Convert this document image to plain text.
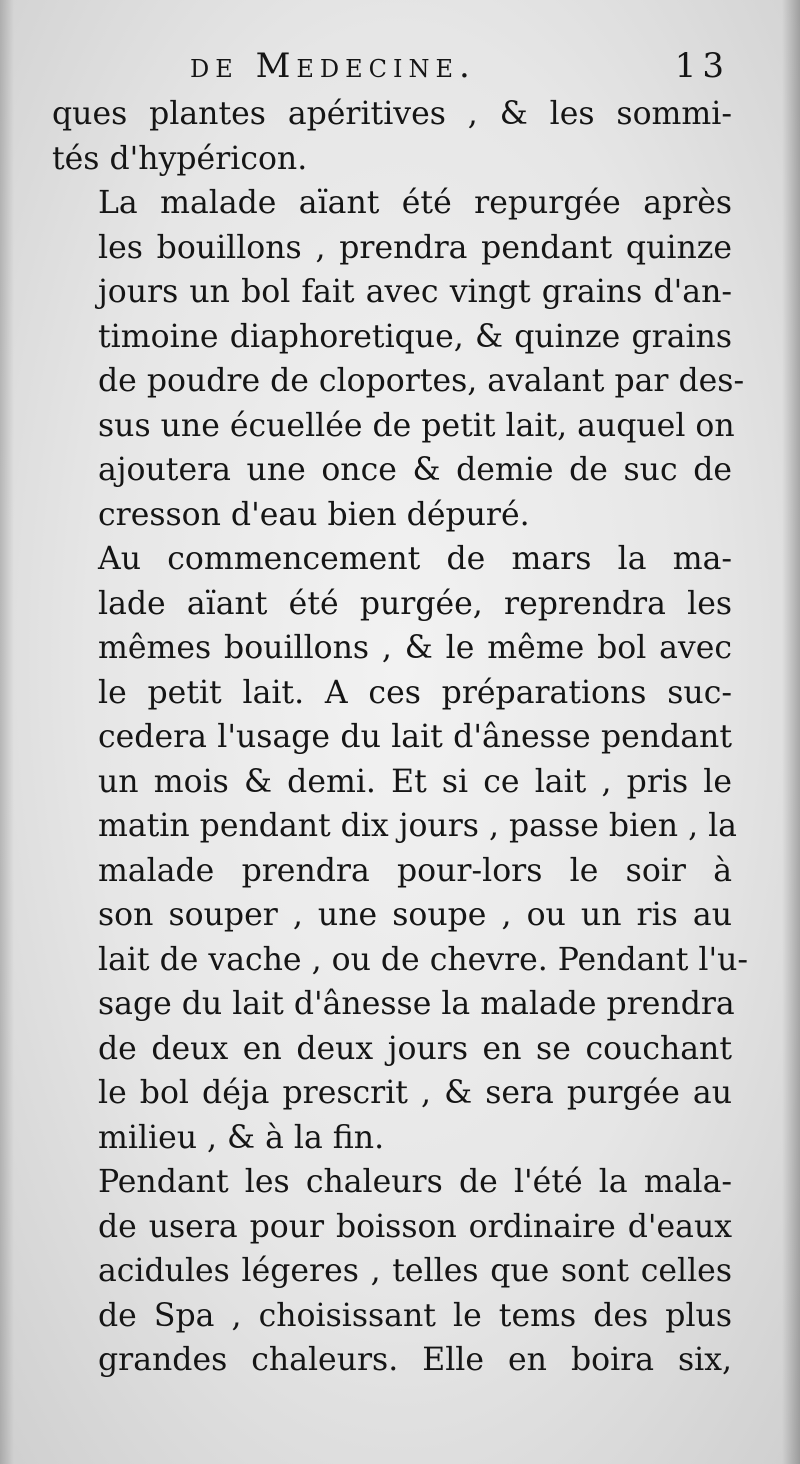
de Medecine.	13

ques plantes apéritives , & les sommi-
tés d'hypéricon.

La malade aïant été repurgée après
les bouillons , prendra pendant quinze
jours un bol fait avec vingt grains d'an-
timoine diaphoretique, & quinze grains
de poudre de cloportes, avalant par des-
sus une écuellée de petit lait, auquel on
ajoutera une once & demie de suc de
cresson d'eau bien dépuré.

Au commencement de mars la ma-
lade aïant été purgée, reprendra les
mêmes bouillons , & le même bol avec
le petit lait. A ces préparations suc-
cedera l'usage du lait d'ânesse pendant
un mois & demi. Et si ce lait , pris le
matin pendant dix jours , passe bien , la
malade prendra pour-lors le soir à
son souper , une soupe , ou un ris au
lait de vache , ou de chevre. Pendant l'u-
sage du lait d'ânesse la malade prendra
de deux en deux jours en se couchant
le bol déja prescrit , & sera purgée au
milieu , & à la fin.

Pendant les chaleurs de l'été la mala-
de usera pour boisson ordinaire d'eaux
acidules légeres , telles que sont celles
de Spa , choisissant le tems des plus
grandes chaleurs. Elle en boira six,
